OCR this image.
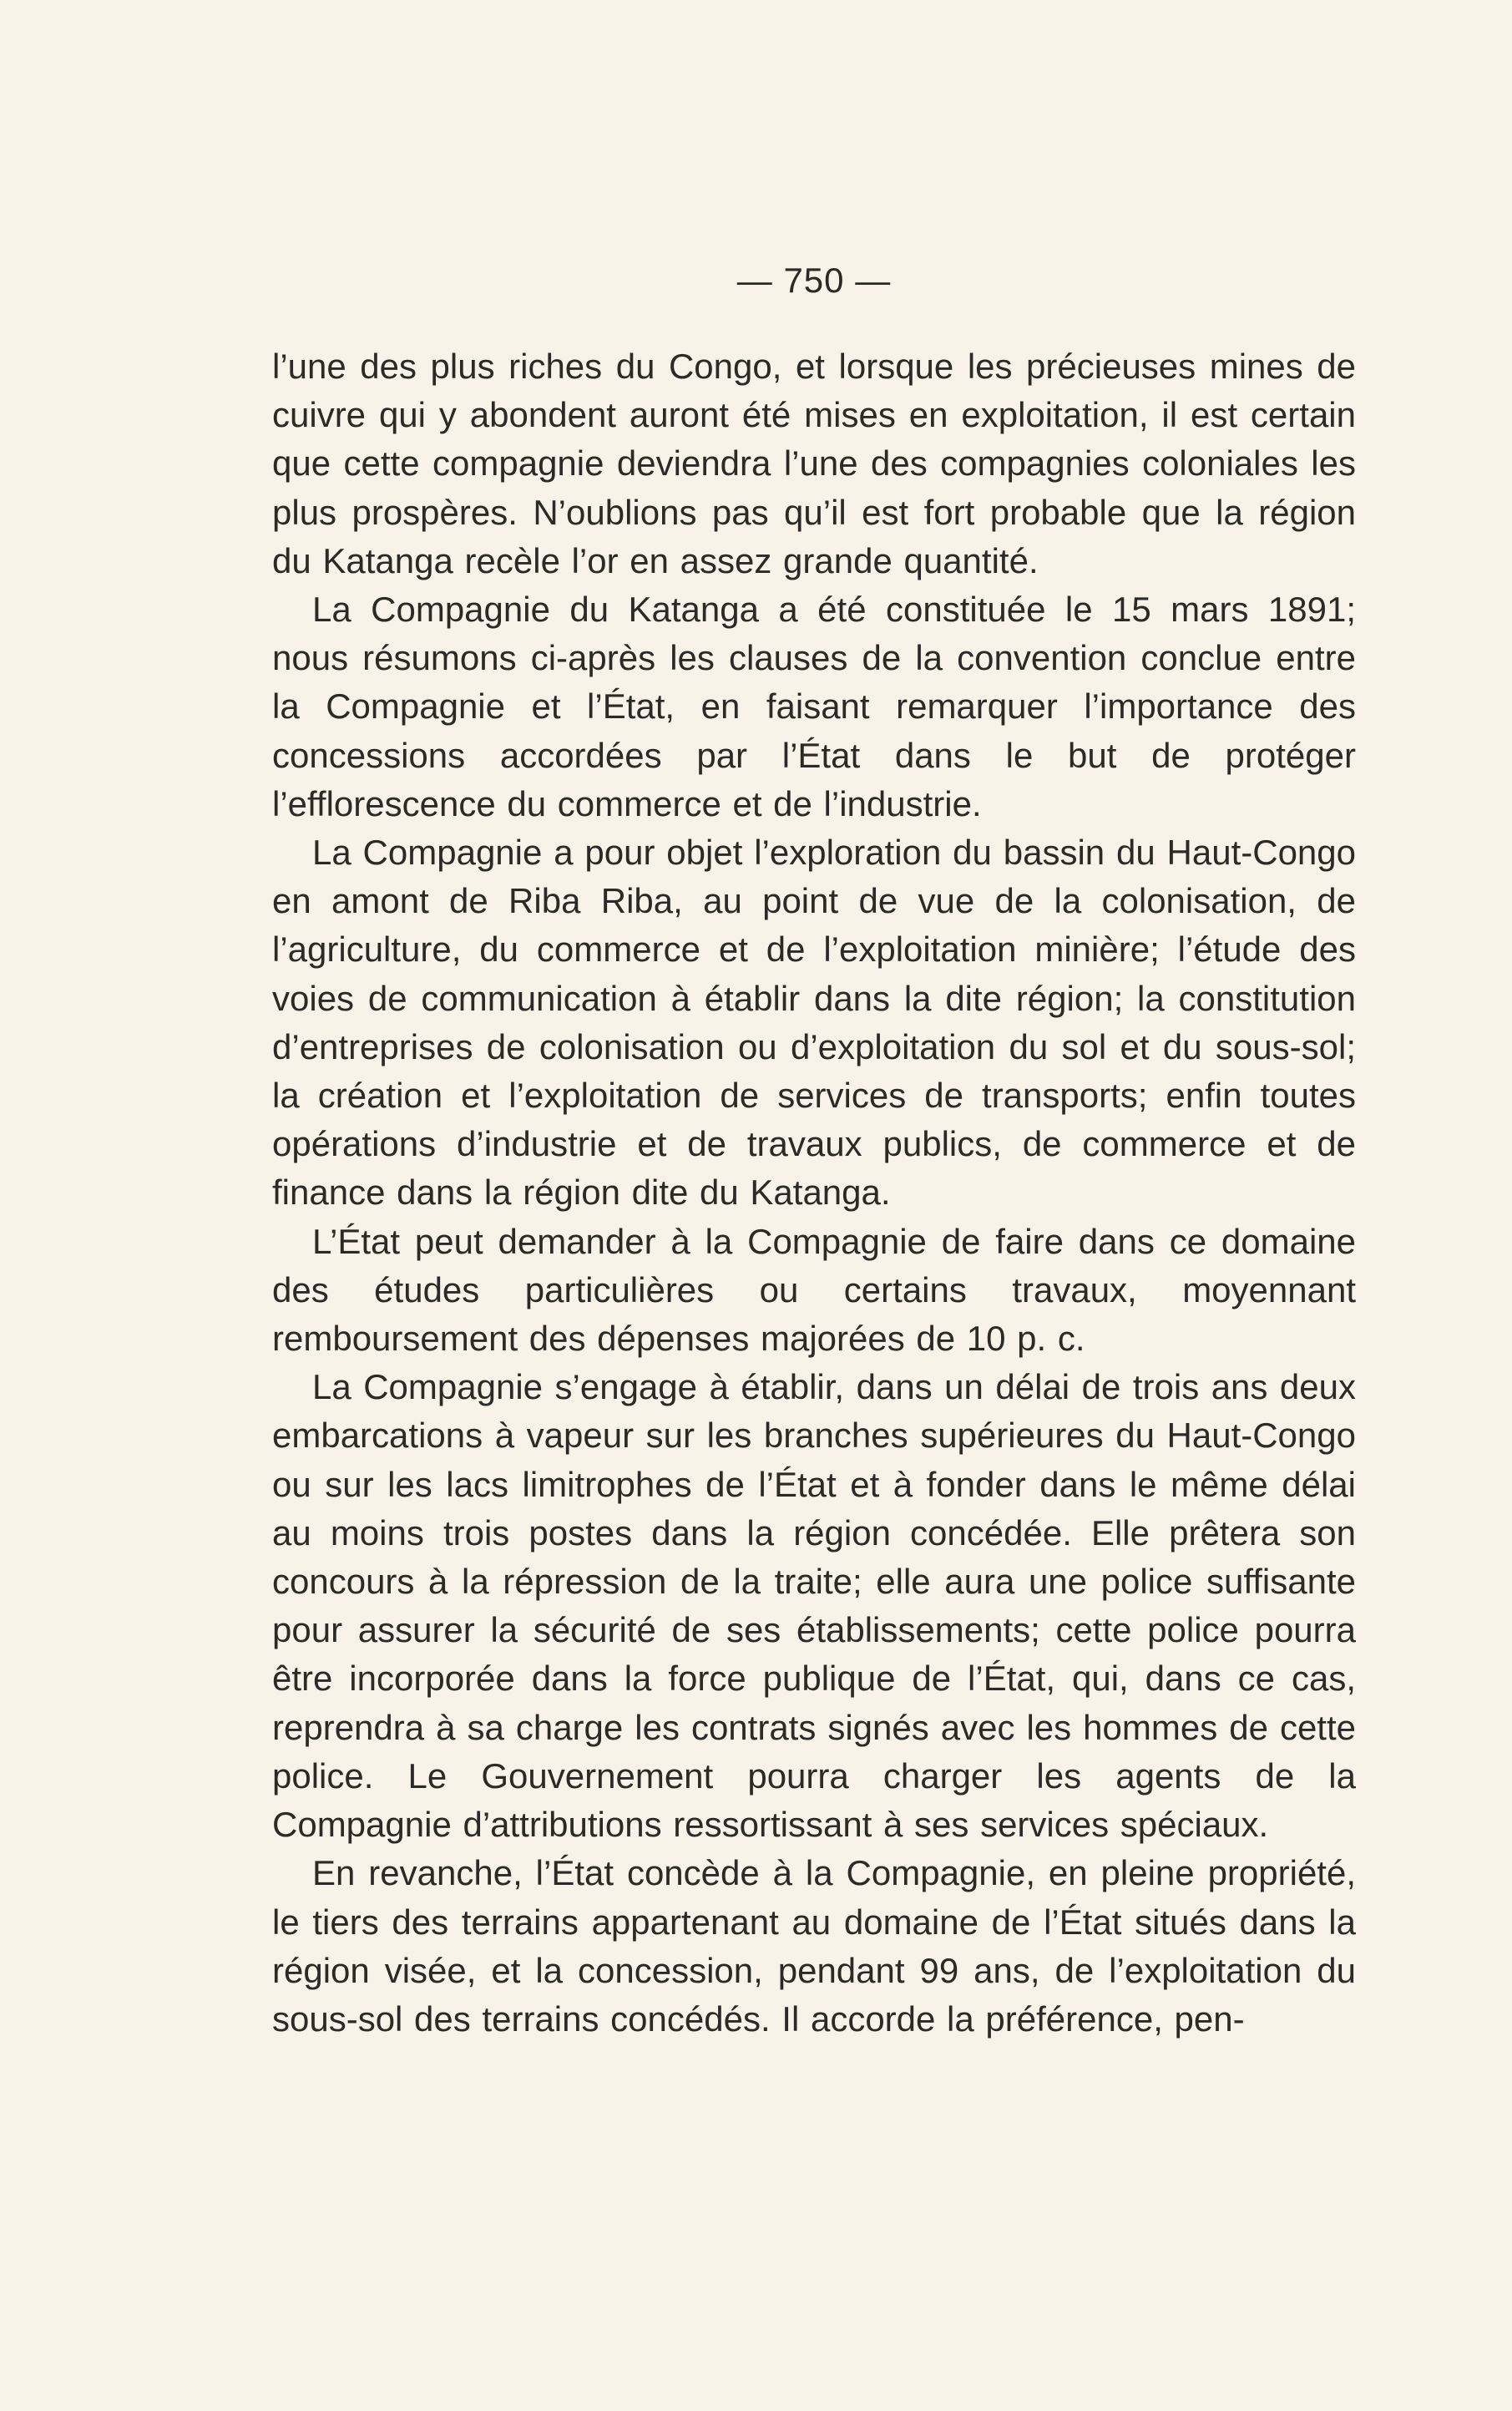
— 750 —

l’une des plus riches du Congo, et lorsque les précieuses mines de cuivre qui y abondent auront été mises en exploitation, il est certain que cette compagnie deviendra l’une des compagnies coloniales les plus prospères. N’oublions pas qu’il est fort probable que la région du Katanga recèle l’or en assez grande quantité.

La Compagnie du Katanga a été constituée le 15 mars 1891; nous résumons ci-après les clauses de la convention conclue entre la Compagnie et l’État, en faisant remarquer l’importance des concessions accordées par l’État dans le but de protéger l’efflorescence du commerce et de l’industrie.

La Compagnie a pour objet l’exploration du bassin du Haut-Congo en amont de Riba Riba, au point de vue de la colonisation, de l’agriculture, du commerce et de l’exploitation minière; l’étude des voies de communication à établir dans la dite région; la constitution d’entreprises de colonisation ou d’exploitation du sol et du sous-sol; la création et l’exploitation de services de transports; enfin toutes opérations d’industrie et de travaux publics, de commerce et de finance dans la région dite du Katanga.

L’État peut demander à la Compagnie de faire dans ce domaine des études particulières ou certains travaux, moyennant remboursement des dépenses majorées de 10 p. c.

La Compagnie s’engage à établir, dans un délai de trois ans deux embarcations à vapeur sur les branches supérieures du Haut-Congo ou sur les lacs limitrophes de l’État et à fonder dans le même délai au moins trois postes dans la région concédée. Elle prêtera son concours à la répression de la traite; elle aura une police suffisante pour assurer la sécurité de ses établissements; cette police pourra être incorporée dans la force publique de l’État, qui, dans ce cas, reprendra à sa charge les contrats signés avec les hommes de cette police. Le Gouvernement pourra charger les agents de la Compagnie d’attributions ressortissant à ses services spéciaux.

En revanche, l’État concède à la Compagnie, en pleine propriété, le tiers des terrains appartenant au domaine de l’État situés dans la région visée, et la concession, pendant 99 ans, de l’exploitation du sous-sol des terrains concédés. Il accorde la préférence, pen-
